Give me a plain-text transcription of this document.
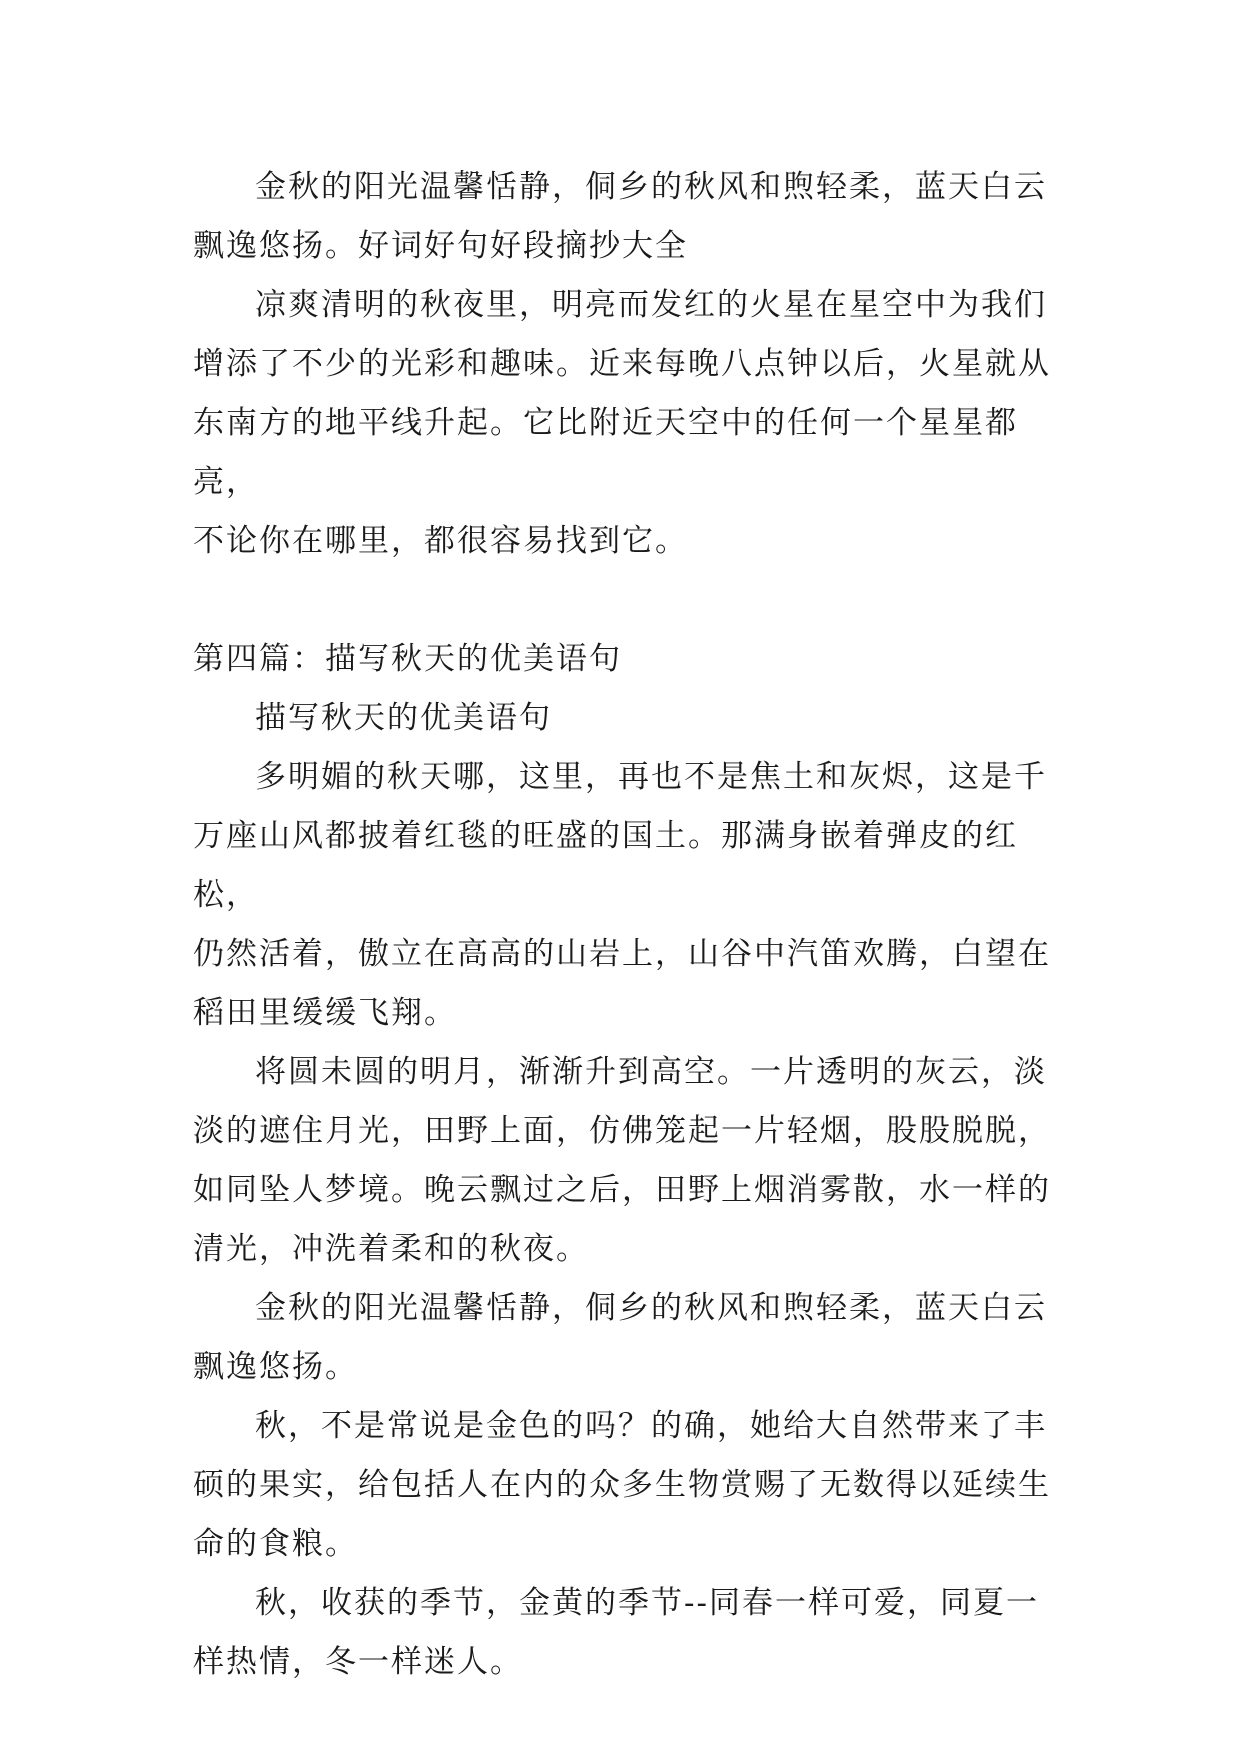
金秋的阳光温馨恬静，侗乡的秋风和煦轻柔，蓝天白云
飘逸悠扬。好词好句好段摘抄大全

凉爽清明的秋夜里，明亮而发红的火星在星空中为我们
增添了不少的光彩和趣味。近来每晚八点钟以后，火星就从
东南方的地平线升起。它比附近天空中的任何一个星星都亮，
不论你在哪里，都很容易找到它。

第四篇：描写秋天的优美语句

描写秋天的优美语句

多明媚的秋天哪，这里，再也不是焦土和灰烬，这是千
万座山风都披着红毯的旺盛的国土。那满身嵌着弹皮的红松，
仍然活着，傲立在高高的山岩上，山谷中汽笛欢腾，白望在
稻田里缓缓飞翔。

将圆未圆的明月，渐渐升到高空。一片透明的灰云，淡
淡的遮住月光，田野上面，仿佛笼起一片轻烟，股股脱脱，
如同坠人梦境。晚云飘过之后，田野上烟消雾散，水一样的
清光，冲洗着柔和的秋夜。

金秋的阳光温馨恬静，侗乡的秋风和煦轻柔，蓝天白云
飘逸悠扬。

秋，不是常说是金色的吗？的确，她给大自然带来了丰
硕的果实，给包括人在内的众多生物赏赐了无数得以延续生
命的食粮。

秋，收获的季节，金黄的季节--同春一样可爱，同夏一
样热情，冬一样迷人。
